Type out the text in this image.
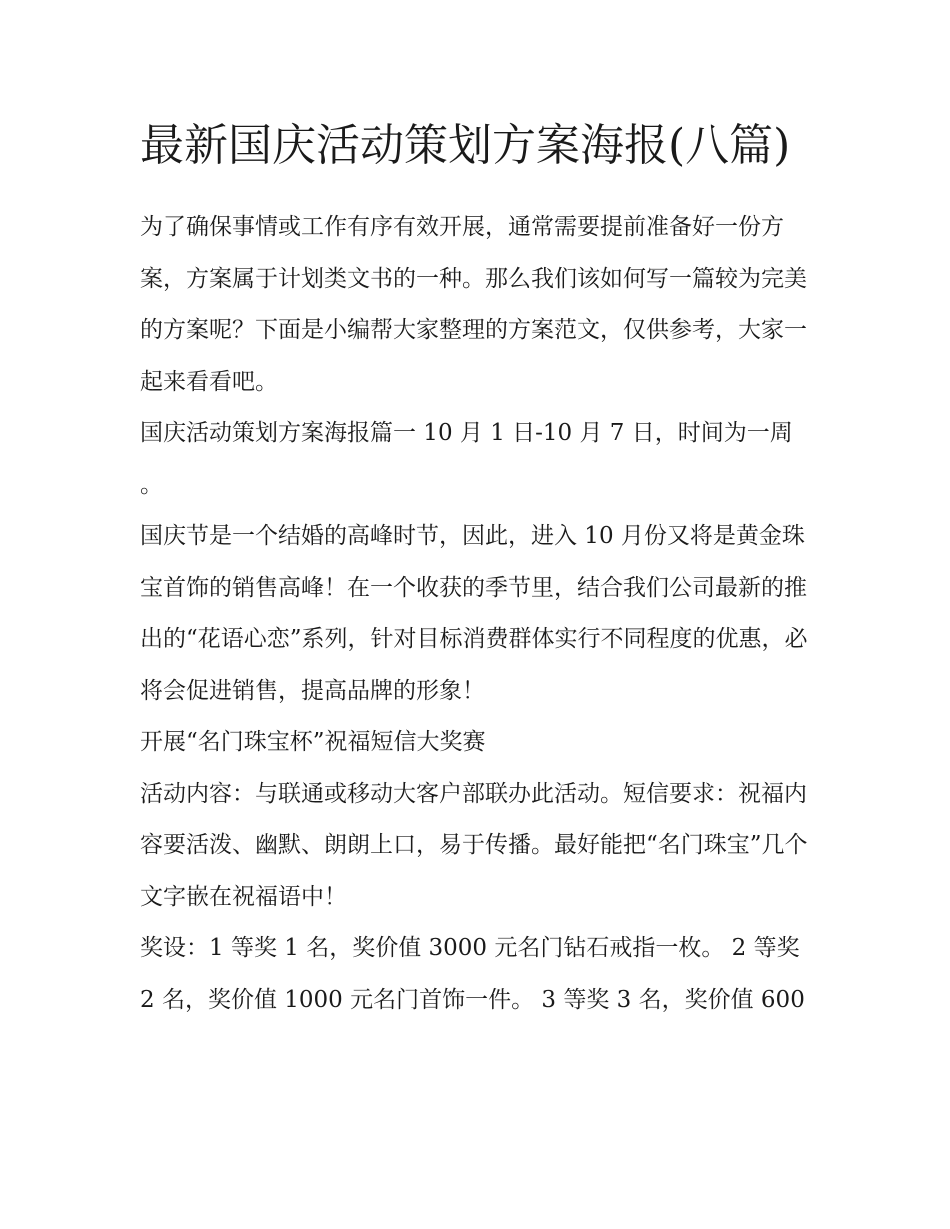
最新国庆活动策划方案海报(八篇)

为了确保事情或工作有序有效开展，通常需要提前准备好一份方案，方案属于计划类文书的一种。那么我们该如何写一篇较为完美的方案呢？下面是小编帮大家整理的方案范文，仅供参考，大家一起来看看吧。

国庆活动策划方案海报篇一 10 月 1 日-10 月 7 日，时间为一周 。

国庆节是一个结婚的高峰时节，因此，进入 10 月份又将是黄金珠宝首饰的销售高峰！在一个收获的季节里，结合我们公司最新的推出的“花语心恋”系列，针对目标消费群体实行不同程度的优惠，必将会促进销售，提高品牌的形象！

开展“名门珠宝杯”祝福短信大奖赛

活动内容：与联通或移动大客户部联办此活动。短信要求：祝福内容要活泼、幽默、朗朗上口，易于传播。最好能把“名门珠宝”几个文字嵌在祝福语中！

奖设：1 等奖 1 名，奖价值 3000 元名门钻石戒指一枚。 2 等奖 2 名，奖价值 1000 元名门首饰一件。 3 等奖 3 名，奖价值 600
